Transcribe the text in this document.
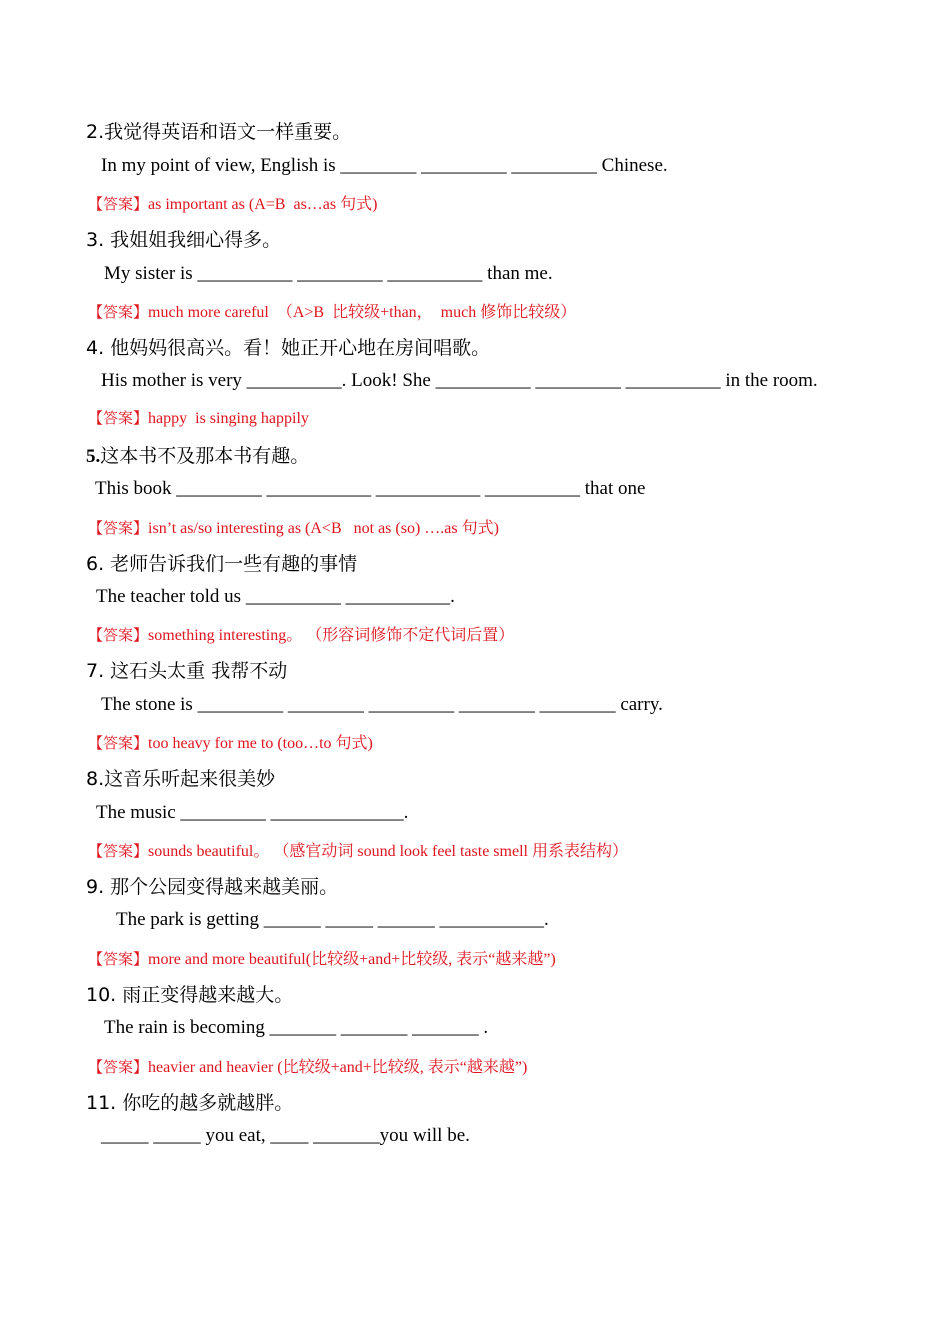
2.我觉得英语和语文一样重要。
In my point of view, English is ________ _________ _________ Chinese.
【答案】as important as (A=B  as…as 句式)
3. 我姐姐我细心得多。
My sister is __________ _________ __________ than me.
【答案】much more careful  （A>B  比较级+than，  much 修饰比较级）
4. 他妈妈很高兴。看！她正开心地在房间唱歌。
His mother is very __________. Look! She __________ _________ __________ in the room.
【答案】happy  is singing happily
5.这本书不及那本书有趣。
This book _________ ___________ ___________ __________ that one
【答案】isn’t as/so interesting as (A<B   not as (so) ….as 句式)
6. 老师告诉我们一些有趣的事情
The teacher told us __________ ___________.
【答案】something interesting。 （形容词修饰不定代词后置）
7. 这石头太重 我帮不动
The stone is _________ ________ _________ ________ ________ carry.
【答案】too heavy for me to (too…to 句式)
8.这音乐听起来很美妙
The music _________ ______________.
【答案】sounds beautiful。 （感官动词 sound look feel taste smell 用系表结构）
9. 那个公园变得越来越美丽。
The park is getting ______ _____ ______ ___________.
【答案】more and more beautiful(比较级+and+比较级, 表示“越来越”)
10. 雨正变得越来越大。
The rain is becoming _______ _______ _______ .
【答案】heavier and heavier (比较级+and+比较级, 表示“越来越”)
11. 你吃的越多就越胖。
_____ _____ you eat, ____ _______you will be.
